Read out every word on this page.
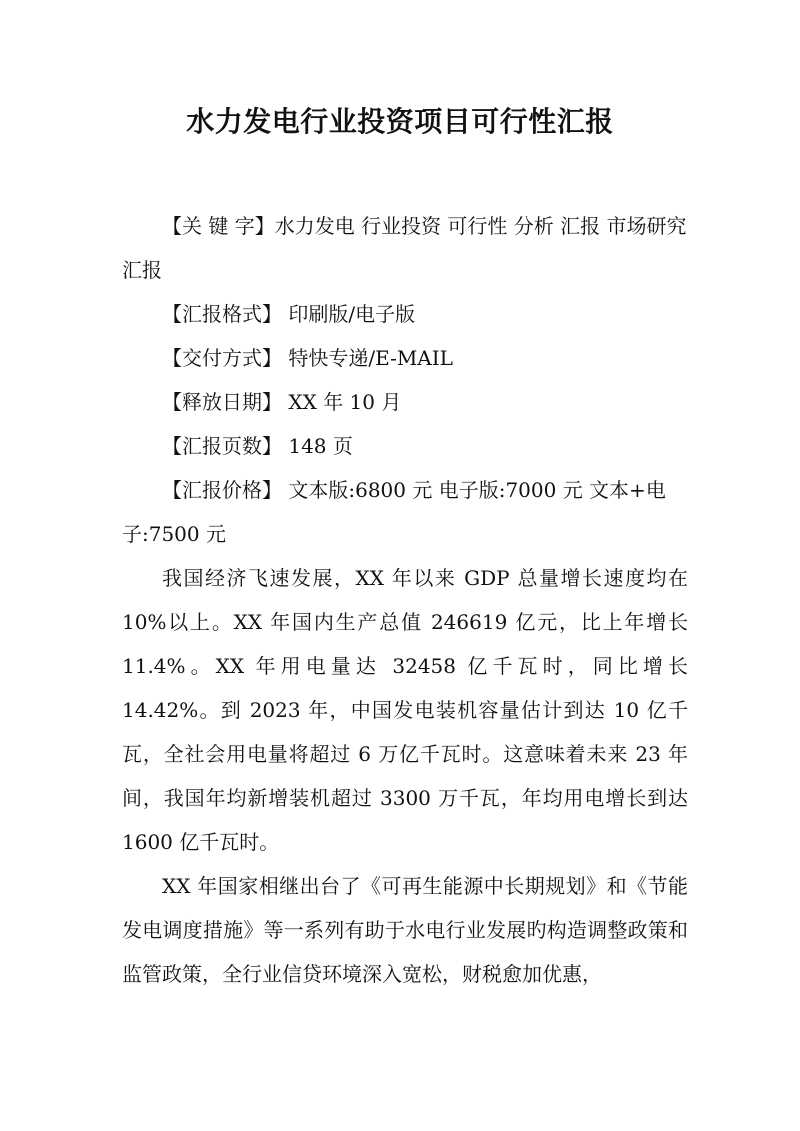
水力发电行业投资项目可行性汇报

【关 键 字】水力发电 行业投资 可行性 分析 汇报 市场研究汇报

【汇报格式】 印刷版/电子版

【交付方式】 特快专递/E-MAIL

【释放日期】 XX 年 10 月

【汇报页数】 148 页

【汇报价格】 文本版:6800 元 电子版:7000 元 文本+电子:7500 元

我国经济飞速发展，XX 年以来 GDP 总量增长速度均在 10%以上。XX 年国内生产总值 246619 亿元，比上年增长 11.4%。XX 年用电量达 32458 亿千瓦时，同比增长 14.42%。到 2023 年，中国发电装机容量估计到达 10 亿千瓦，全社会用电量将超过 6 万亿千瓦时。这意味着未来 23 年间，我国年均新增装机超过 3300 万千瓦，年均用电增长到达 1600 亿千瓦时。

XX 年国家相继出台了《可再生能源中长期规划》和《节能发电调度措施》等一系列有助于水电行业发展旳构造调整政策和监管政策，全行业信贷环境深入宽松，财税愈加优惠，
